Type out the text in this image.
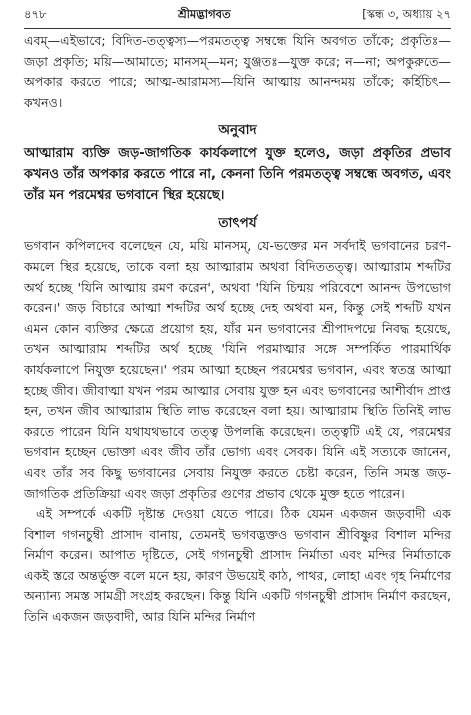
৪৭৮	শ্রীমদ্ভাগবত	[স্কন্ধ ৩, অধ্যায় ২৭

এবম্—এইভাবে; বিদিত-তত্ত্বস্য—পরমতত্ত্ব সম্বন্ধে যিনি অবগত তাঁকে; প্রকৃতিঃ—জড়া প্রকৃতি; ময়ি—আমাতে; মানসম্—মন; যুঞ্জতঃ—যুক্ত করে; ন—না; অপকুরুতে—অপকার করতে পারে; আত্ম-আরামস্য—যিনি আত্মায় আনন্দময় তাঁকে; কর্হিচিৎ—কখনও।

অনুবাদ

আত্মারাম ব্যক্তি জড়-জাগতিক কার্যকলাপে যুক্ত হলেও, জড়া প্রকৃতির প্রভাব কখনও তাঁর অপকার করতে পারে না, কেননা তিনি পরমতত্ত্ব সম্বন্ধে অবগত, এবং তাঁর মন পরমেশ্বর ভগবানে স্থির হয়েছে।

তাৎপর্য

ভগবান কপিলদেব বলেছেন যে, ময়ি মানসম্, যে-ভক্তের মন সর্বদাই ভগবানের চরণ-কমলে স্থির হয়েছে, তাকে বলা হয় আত্মারাম অথবা বিদিততত্ত্ব। আত্মারাম শব্দটির অর্থ হচ্ছে 'যিনি আত্মায় রমণ করেন', অথবা 'যিনি চিন্ময় পরিবেশে আনন্দ উপভোগ করেন।' জড় বিচারে আত্মা শব্দটির অর্থ হচ্ছে দেহ অথবা মন, কিন্তু সেই শব্দটি যখন এমন কোন ব্যক্তির ক্ষেত্রে প্রয়োগ হয়, যাঁর মন ভগবানের শ্রীপাদপদ্মে নিবদ্ধ হয়েছে, তখন আত্মারাম শব্দটির অর্থ হচ্ছে 'যিনি পরমাত্মার সঙ্গে সম্পর্কিত পারমার্থিক কার্যকলাপে নিযুক্ত হয়েছেন।' পরম আত্মা হচ্ছেন পরমেশ্বর ভগবান, এবং স্বতন্ত্র আত্মা হচ্ছে জীব। জীবাত্মা যখন পরম আত্মার সেবায় যুক্ত হন এবং ভগবানের আশীর্বাদ প্রাপ্ত হন, তখন জীব আত্মারাম স্থিতি লাভ করেছেন বলা হয়। আত্মারাম স্থিতি তিনিই লাভ করতে পারেন যিনি যথাযথভাবে তত্ত্ব উপলব্ধি করেছেন। তত্ত্বটি এই যে, পরমেশ্বর ভগবান হচ্ছেন ভোক্তা এবং জীব তাঁর ভোগ্য এবং সেবক। যিনি এই সত্যকে জানেন, এবং তাঁর সব কিছু ভগবানের সেবায় নিযুক্ত করতে চেষ্টা করেন, তিনি সমস্ত জড়-জাগতিক প্রতিক্রিয়া এবং জড়া প্রকৃতির গুণের প্রভাব থেকে মুক্ত হতে পারেন।

এই সম্পর্কে একটি দৃষ্টান্ত দেওয়া যেতে পারে। ঠিক যেমন একজন জড়বাদী এক বিশাল গগনচুম্বী প্রাসাদ বানায়, তেমনই ভগবদ্ভক্তও ভগবান শ্রীবিষ্ণুর বিশাল মন্দির নির্মাণ করেন। আপাত দৃষ্টিতে, সেই গগনচুম্বী প্রাসাদ নির্মাতা এবং মন্দির নির্মাতাকে একই স্তরে অন্তর্ভুক্ত বলে মনে হয়, কারণ উভয়েই কাঠ, পাথর, লোহা এবং গৃহ নির্মাণের অন্যান্য সমস্ত সামগ্রী সংগ্রহ করছেন। কিন্তু যিনি একটি গগনচুম্বী প্রাসাদ নির্মাণ করছেন, তিনি একজন জড়বাদী, আর যিনি মন্দির নির্মাণ
